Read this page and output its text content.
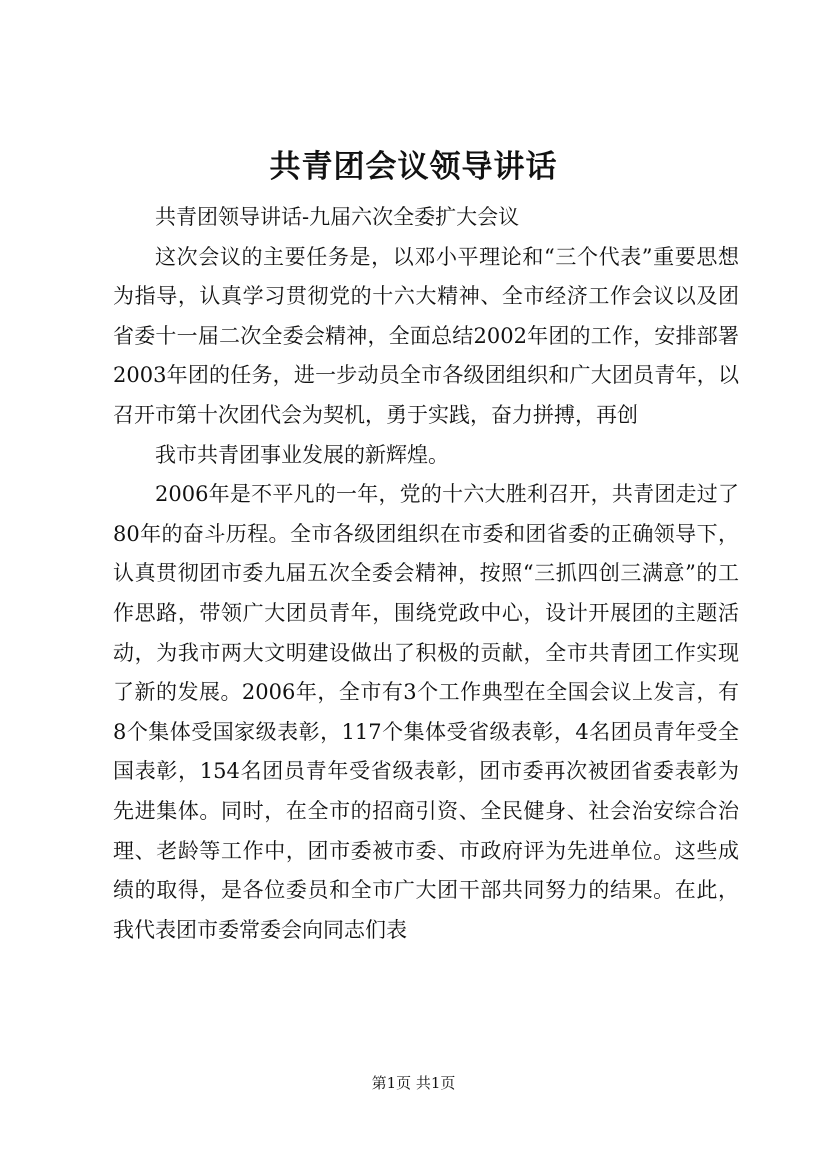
共青团会议领导讲话

共青团领导讲话-九届六次全委扩大会议

这次会议的主要任务是，以邓小平理论和“三个代表”重要思想为指导，认真学习贯彻党的十六大精神、全市经济工作会议以及团省委十一届二次全委会精神，全面总结2002年团的工作，安排部署2003年团的任务，进一步动员全市各级团组织和广大团员青年，以召开市第十次团代会为契机，勇于实践，奋力拼搏，再创

我市共青团事业发展的新辉煌。

2006年是不平凡的一年，党的十六大胜利召开，共青团走过了80年的奋斗历程。全市各级团组织在市委和团省委的正确领导下，认真贯彻团市委九届五次全委会精神，按照“三抓四创三满意”的工作思路，带领广大团员青年，围绕党政中心，设计开展团的主题活动，为我市两大文明建设做出了积极的贡献，全市共青团工作实现了新的发展。2006年，全市有3个工作典型在全国会议上发言，有8个集体受国家级表彰，117个集体受省级表彰，4名团员青年受全国表彰，154名团员青年受省级表彰，团市委再次被团省委表彰为先进集体。同时，在全市的招商引资、全民健身、社会治安综合治理、老龄等工作中，团市委被市委、市政府评为先进单位。这些成绩的取得，是各位委员和全市广大团干部共同努力的结果。在此，我代表团市委常委会向同志们表

第1页 共1页
